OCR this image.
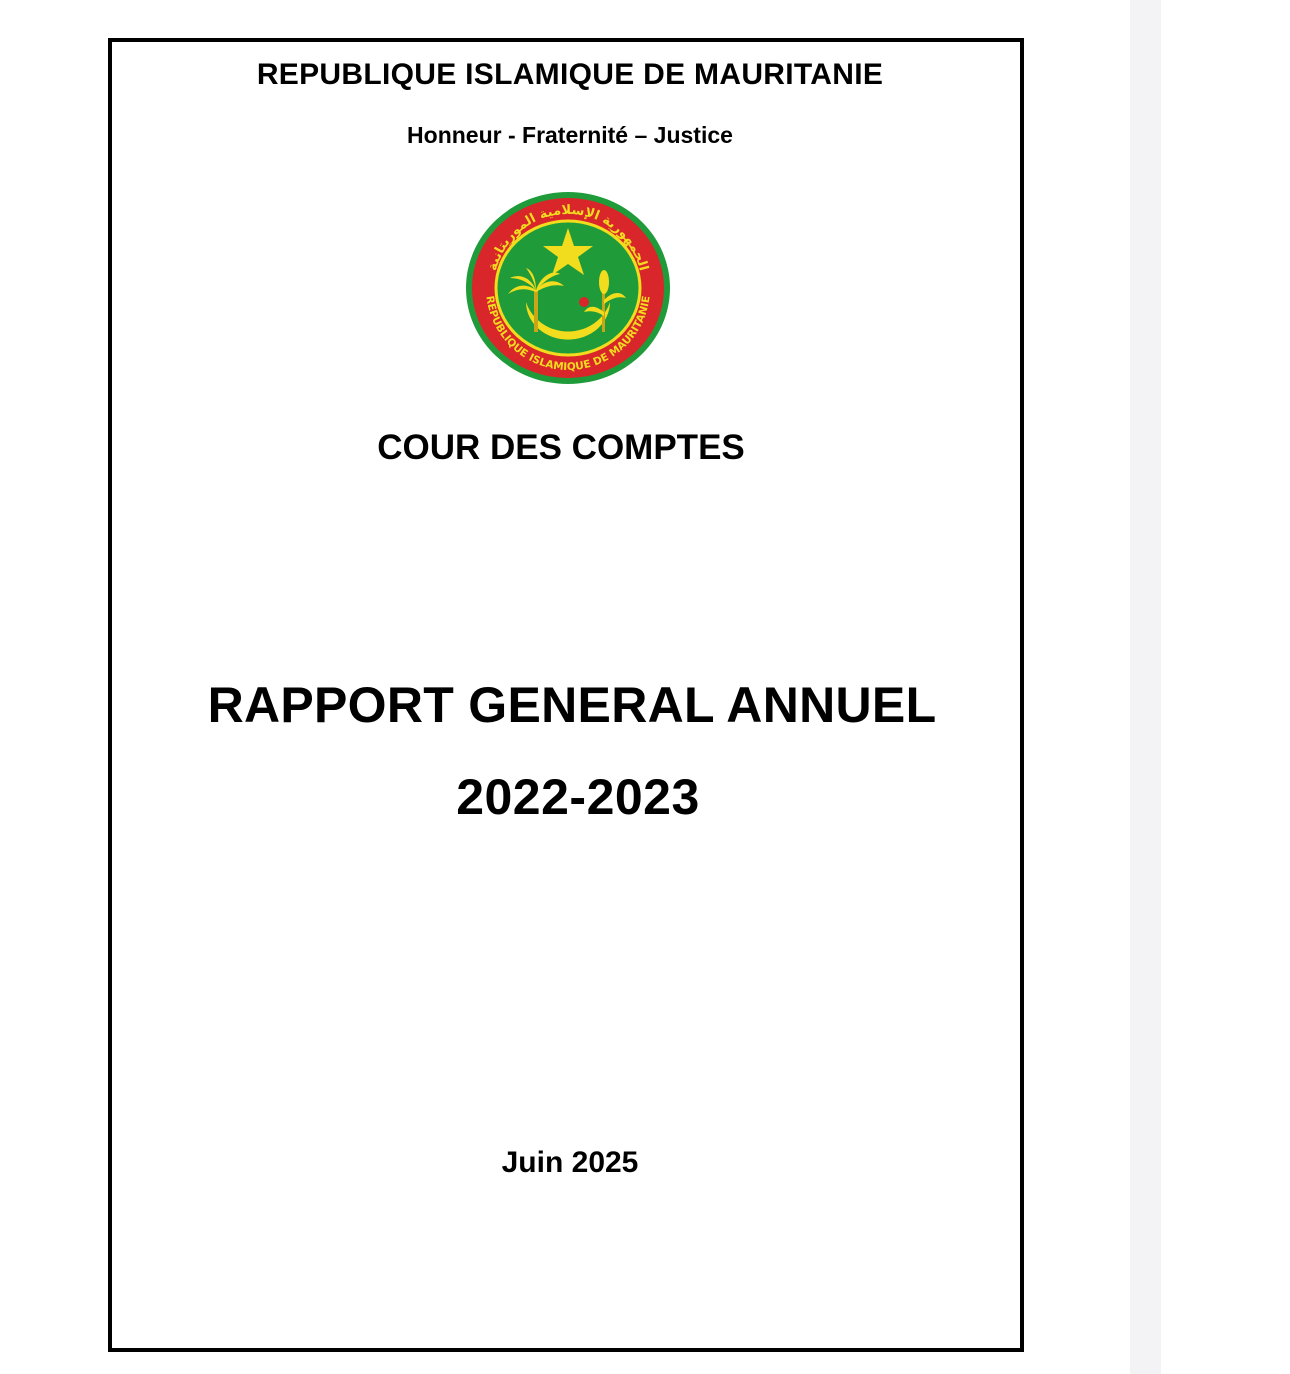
REPUBLIQUE ISLAMIQUE DE MAURITANIE
Honneur - Fraternité – Justice
ﺍﻟﺠﻤﻬﻮﺭﻳﺔ ﺍﻹﺳﻼﻣﻴﺔ ﺍﻟﻤﻮﺭﻳﺘﺎﻧﻴﺔ
REPUBLIQUE ISLAMIQUE DE MAURITANIE
COUR DES COMPTES
RAPPORT GENERAL ANNUEL
2022-2023
Juin 2025
